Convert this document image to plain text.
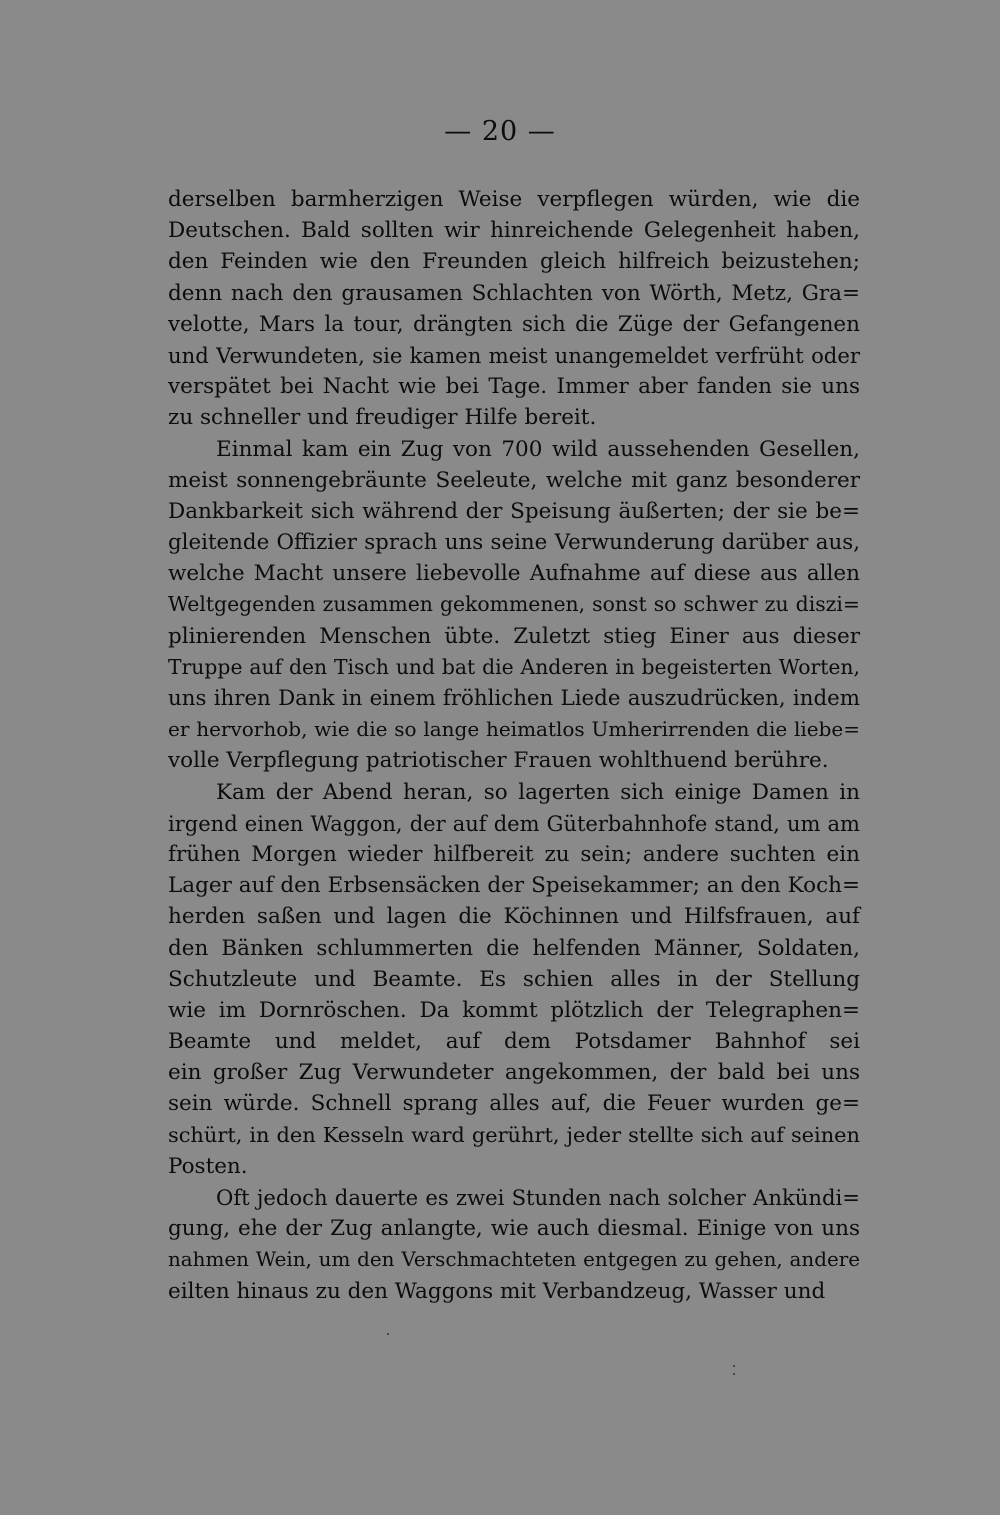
— 20 —
derselben barmherzigen Weise verpflegen würden, wie die
Deutschen. Bald sollten wir hinreichende Gelegenheit haben,
den Feinden wie den Freunden gleich hilfreich beizustehen;
denn nach den grausamen Schlachten von Wörth, Metz, Gra=
velotte, Mars la tour, drängten sich die Züge der Gefangenen
und Verwundeten, sie kamen meist unangemeldet verfrüht oder
verspätet bei Nacht wie bei Tage. Immer aber fanden sie uns
zu schneller und freudiger Hilfe bereit.
Einmal kam ein Zug von 700 wild aussehenden Gesellen,
meist sonnengebräunte Seeleute, welche mit ganz besonderer
Dankbarkeit sich während der Speisung äußerten; der sie be=
gleitende Offizier sprach uns seine Verwunderung darüber aus,
welche Macht unsere liebevolle Aufnahme auf diese aus allen
Weltgegenden zusammen gekommenen, sonst so schwer zu diszi=
plinierenden Menschen übte. Zuletzt stieg Einer aus dieser
Truppe auf den Tisch und bat die Anderen in begeisterten Worten,
uns ihren Dank in einem fröhlichen Liede auszudrücken, indem
er hervorhob, wie die so lange heimatlos Umherirrenden die liebe=
volle Verpflegung patriotischer Frauen wohlthuend berühre.
Kam der Abend heran, so lagerten sich einige Damen in
irgend einen Waggon, der auf dem Güterbahnhofe stand, um am
frühen Morgen wieder hilfbereit zu sein; andere suchten ein
Lager auf den Erbsensäcken der Speisekammer; an den Koch=
herden saßen und lagen die Köchinnen und Hilfsfrauen, auf
den Bänken schlummerten die helfenden Männer, Soldaten,
Schutzleute und Beamte. Es schien alles in der Stellung
wie im Dornröschen. Da kommt plötzlich der Telegraphen=
Beamte und meldet, auf dem Potsdamer Bahnhof sei
ein großer Zug Verwundeter angekommen, der bald bei uns
sein würde. Schnell sprang alles auf, die Feuer wurden ge=
schürt, in den Kesseln ward gerührt, jeder stellte sich auf seinen
Posten.
Oft jedoch dauerte es zwei Stunden nach solcher Ankündi=
gung, ehe der Zug anlangte, wie auch diesmal. Einige von uns
nahmen Wein, um den Verschmachteten entgegen zu gehen, andere
eilten hinaus zu den Waggons mit Verbandzeug, Wasser und
